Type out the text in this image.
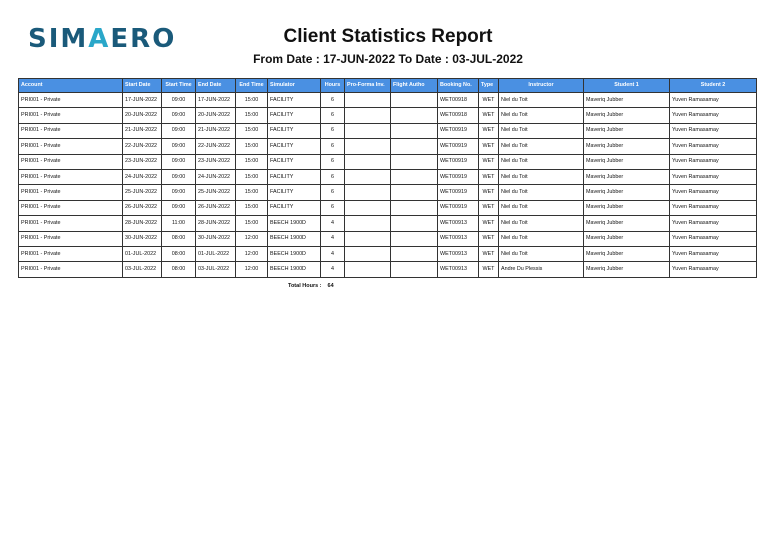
SIMAERO	Client Statistics Report
From Date : 17-JUN-2022 To Date : 03-JUL-2022
Account	Start Date	Start Time	End Date	End Time	Simulator	Hours	Pro-Forma Inv.	Flight Autho	Booking No.	Type	Instructor	Student 1	Student 2
PRI001 - Private	17-JUN-2022	09:00	17-JUN-2022	15:00	FACILITY	6			WET00918	WET	Niel du Toit	Maveriq Jubber	Yuven Ramasamay
PRI001 - Private	20-JUN-2022	09:00	20-JUN-2022	15:00	FACILITY	6			WET00918	WET	Niel du Toit	Maveriq Jubber	Yuven Ramasamay
PRI001 - Private	21-JUN-2022	09:00	21-JUN-2022	15:00	FACILITY	6			WET00919	WET	Niel du Toit	Maveriq Jubber	Yuven Ramasamay
PRI001 - Private	22-JUN-2022	09:00	22-JUN-2022	15:00	FACILITY	6			WET00919	WET	Niel du Toit	Maveriq Jubber	Yuven Ramasamay
PRI001 - Private	23-JUN-2022	09:00	23-JUN-2022	15:00	FACILITY	6			WET00919	WET	Niel du Toit	Maveriq Jubber	Yuven Ramasamay
PRI001 - Private	24-JUN-2022	09:00	24-JUN-2022	15:00	FACILITY	6			WET00919	WET	Niel du Toit	Maveriq Jubber	Yuven Ramasamay
PRI001 - Private	25-JUN-2022	09:00	25-JUN-2022	15:00	FACILITY	6			WET00919	WET	Niel du Toit	Maveriq Jubber	Yuven Ramasamay
PRI001 - Private	26-JUN-2022	09:00	26-JUN-2022	15:00	FACILITY	6			WET00919	WET	Niel du Toit	Maveriq Jubber	Yuven Ramasamay
PRI001 - Private	28-JUN-2022	11:00	28-JUN-2022	15:00	BEECH 1900D	4			WET00913	WET	Niel du Toit	Maveriq Jubber	Yuven Ramasamay
PRI001 - Private	30-JUN-2022	08:00	30-JUN-2022	12:00	BEECH 1900D	4			WET00913	WET	Niel du Toit	Maveriq Jubber	Yuven Ramasamay
PRI001 - Private	01-JUL-2022	08:00	01-JUL-2022	12:00	BEECH 1900D	4			WET00913	WET	Niel du Toit	Maveriq Jubber	Yuven Ramasamay
PRI001 - Private	03-JUL-2022	08:00	03-JUL-2022	12:00	BEECH 1900D	4			WET00913	WET	Andre Du Plessis	Maveriq Jubber	Yuven Ramasamay
Total Hours : 64
